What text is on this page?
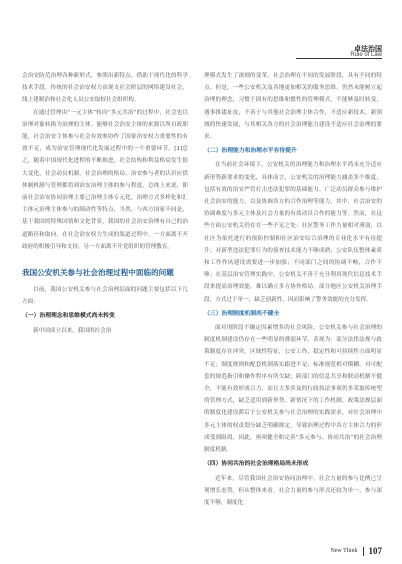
卓法治国
Rule of Law

会治安防范治理各种新形式，参照出新特点，借助于现代化的科学技术手段，传统的社会治安权力由现支社会阶层的网络建设社会，线上建制治和社会化人员公安取权社会组织构。

在通过管理由“一元主体”转向“多元共治”的过程中，社会也以治理对象转换为治理的主体。能够社会治安主体的来源以所自政职能，社会治安主体参与社会有效参协作了国家治安权力重要性的有效不足，成为治安管理现代化发展过程中的一个重要环节。[1]总之，随着中国现代化进程的不断推进，社会结构和利益格局发生很大变化，社会动员机制、社会治理的格局、治安参与者的认识应供体制机制与管理都将到治安治理主体的参与程度，总体上来说，即前社会治安协同治理主要已治理主体专元化，治理方式多样化和汇主体元治理主体参与的制动性等特点，当然，与西方国家不同是，基于我国的特殊国情和文化背景，我国的社会治安治理有自己的治道路径和取向。在社会治安权力生成的渠道过程中，一方面离不开政府的积极引导和支持，另一方面离不开党组织的管理教育。

我国公安机关参与社会治理过程中面临的问题

目前，我国公安机关参与社会治理层面的问题主要包括以下几方面：

（一）治理理念和思维模式尚未转变

新中国成立以来，我国的社会治

理模式发生了深刻的变革。社会治理在不同的发展阶段，具有不同的特点。但是，一些公安机关及各地更加相关的服务思维，仍然未能树立起治理的理念，习惯于固有的思维和惯性的管理模式，不能够及时转变，遇事推诿扯皮，不善于与其他社会治理主体合作，不适应新技术、新领域的快速发展，与其相关各方的社会治理能力建设不适应社会治理的要求。

（二）治理能力和治理水平有待提升

在当前社会环境下，公安机关的治理能力和治理水平尚未充分适应新形势新要求的变化，具体而言，公安机关的治理能力涵盖多个维度，包括有效的治安严管打击违法犯罪的基础能力、广泛动员群众参与维护社会治安的能力，以及协调各方的合作治理等能力，其中，社会治安的协调难度与多元主体及社会力量的有效动员合作的能力等。然而，在这些方面公安机关仍存在一些不足之处：社区警务工作力量相对薄弱，以社区为依托进行的预防控制和社区治安综合治理的专业化水平有待提升；对新型违法犯罪行为的侦查技术能力不够成熟；公安队伍整体素质和工作作风建设需要进一步加强；不同部门之间的协调不畅，合作不够；在基层治安管理实践中，公安机关不善于充分利用现代信息技术手段来提高治理效能，难以确立多方协作格局。部分地区公安机关治理手段、方式过于单一，缺乏创新性，因而影响了警务效能的充分发挥。

（三）治理制度机制尚不健全

面对现阶段不确定因素增多的社会风险，公安机关参与社会治理的制度机制建设仍存在一些明显的薄弱环节，表现为：部分法律法规与政策制度存在冲突，区域性特征，公安工作，稳定性和可持续性方面明显不足；制度规则和配套机制落实跟进不足；标准规范相对模糊，对可配套的规范指引和操作程序有所欠缺；跨部门的信息共享和联动机制不健全，不能有效形成合力，而且大多涉及的行政执法事项仍多采取传统型的管理方式，缺乏适用到新形势、新情况下的工作机制。政策法规层面的制度化建设滞后于公安机关参与社会治理的实践需求，对社会治理中多元主体的权责划分缺乏明确规定，导致治理过程中各方主体合力的形成受到阻碍，因此，亟须健全和完善“多元参与、协同共治”的社会治理制度机制。

（四）协同共治的社会治理格局尚未形成

近年来，尽管我国社会治安协同治理中，社会力量的参与比例已呈现增长态势，但从整体来看，社会力量的参与形式还较为单一，参与深度不够，制度化

New Think 107
